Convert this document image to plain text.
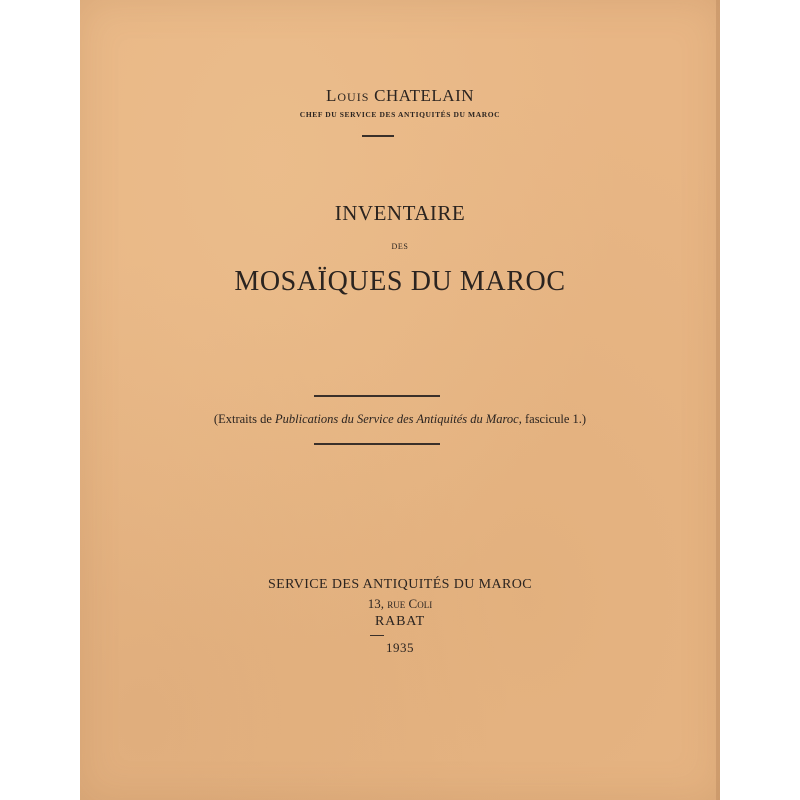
Louis CHATELAIN
CHEF DU SERVICE DES ANTIQUITÉS DU MAROC
INVENTAIRE
DES
MOSAÏQUES DU MAROC
(Extraits de Publications du Service des Antiquités du Maroc, fascicule 1.)
SERVICE DES ANTIQUITÉS DU MAROC
13, rue Coli
RABAT
1935
